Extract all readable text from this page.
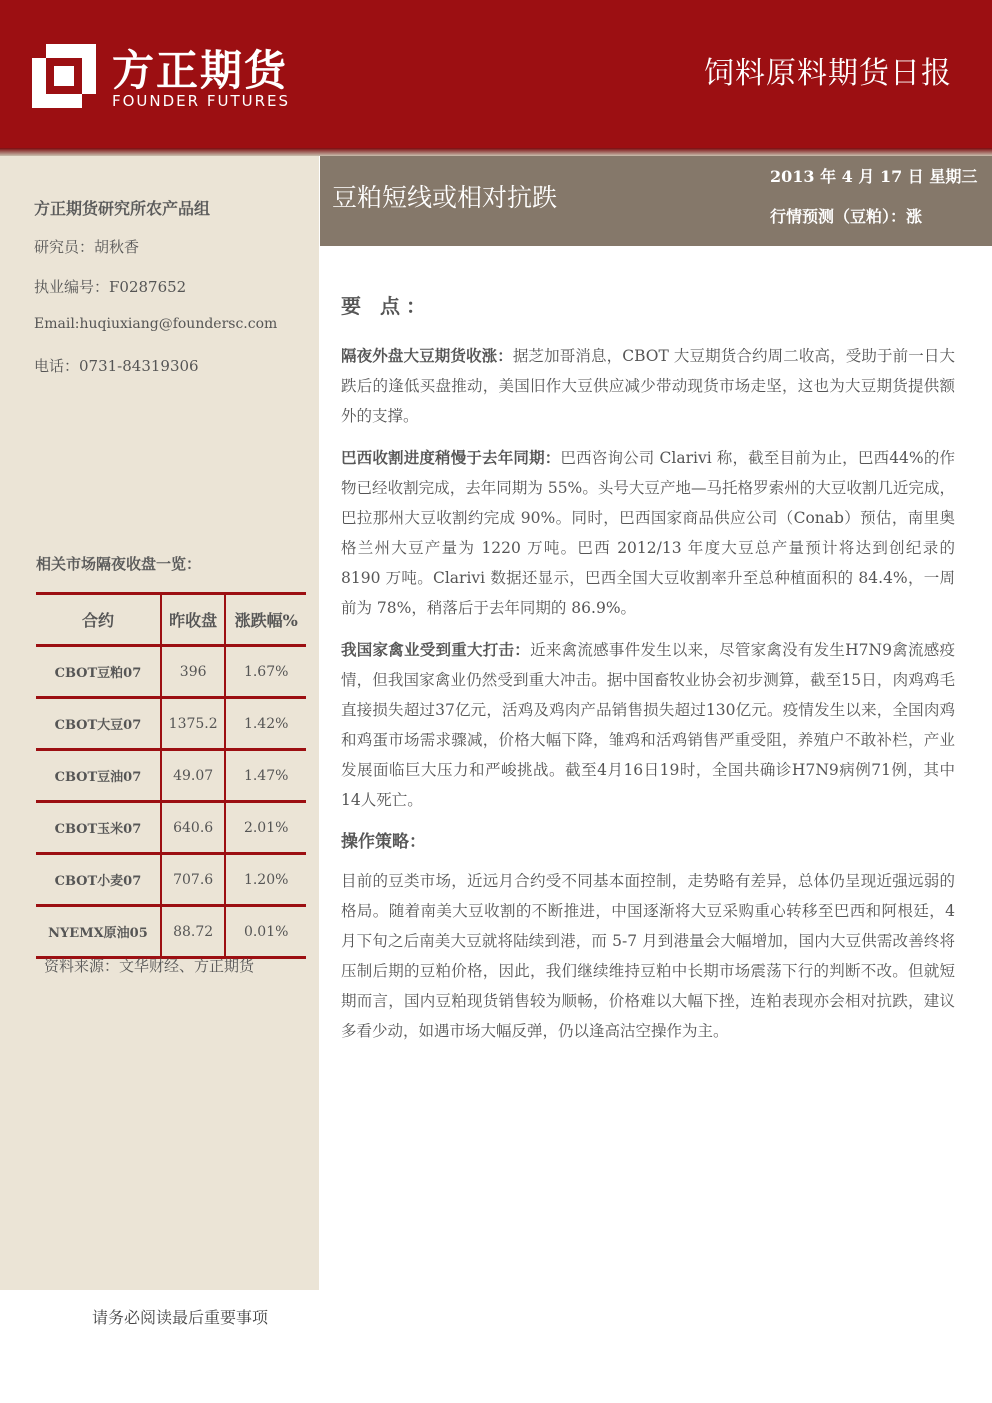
方正期货
FOUNDER FUTURES
饲料原料期货日报
方正期货研究所农产品组
研究员：胡秋香
执业编号：F0287652
Email:huqiuxiang@foundersc.com
电话：0731-84319306
相关市场隔夜收盘一览：
合约	昨收盘	涨跌幅%
CBOT豆粕07	396	1.67%
CBOT大豆07	1375.2	1.42%
CBOT豆油07	49.07	1.47%
CBOT玉米07	640.6	2.01%
CBOT小麦07	707.6	1.20%
NYEMX原油05	88.72	0.01%
资料来源：文华财经、方正期货
请务必阅读最后重要事项
豆粕短线或相对抗跌
2013 年 4 月 17 日 星期三
行情预测（豆粕）：涨
要 点：

隔夜外盘大豆期货收涨：据芝加哥消息，CBOT 大豆期货合约周二收高，受助于前一日大跌后的逢低买盘推动，美国旧作大豆供应减少带动现货市场走坚，这也为大豆期货提供额外的支撑。

巴西收割进度稍慢于去年同期：巴西咨询公司 Clarivi 称，截至目前为止，巴西44%的作物已经收割完成，去年同期为 55%。头号大豆产地—马托格罗索州的大豆收割几近完成，巴拉那州大豆收割约完成 90%。同时，巴西国家商品供应公司（Conab）预估，南里奥格兰州大豆产量为 1220 万吨。巴西 2012/13 年度大豆总产量预计将达到创纪录的 8190 万吨。Clarivi 数据还显示，巴西全国大豆收割率升至总种植面积的 84.4%，一周前为 78%，稍落后于去年同期的 86.9%。

我国家禽业受到重大打击：近来禽流感事件发生以来，尽管家禽没有发生H7N9禽流感疫情，但我国家禽业仍然受到重大冲击。据中国畜牧业协会初步测算，截至15日，肉鸡鸡毛直接损失超过37亿元，活鸡及鸡肉产品销售损失超过130亿元。疫情发生以来，全国肉鸡和鸡蛋市场需求骤减，价格大幅下降，雏鸡和活鸡销售严重受阻，养殖户不敢补栏，产业发展面临巨大压力和严峻挑战。截至4月16日19时，全国共确诊H7N9病例71例，其中14人死亡。

操作策略：

目前的豆类市场，近远月合约受不同基本面控制，走势略有差异，总体仍呈现近强远弱的格局。随着南美大豆收割的不断推进，中国逐渐将大豆采购重心转移至巴西和阿根廷，4 月下旬之后南美大豆就将陆续到港，而 5-7 月到港量会大幅增加，国内大豆供需改善终将压制后期的豆粕价格，因此，我们继续维持豆粕中长期市场震荡下行的判断不改。但就短期而言，国内豆粕现货销售较为顺畅，价格难以大幅下挫，连粕表现亦会相对抗跌，建议多看少动，如遇市场大幅反弹，仍以逢高沽空操作为主。
